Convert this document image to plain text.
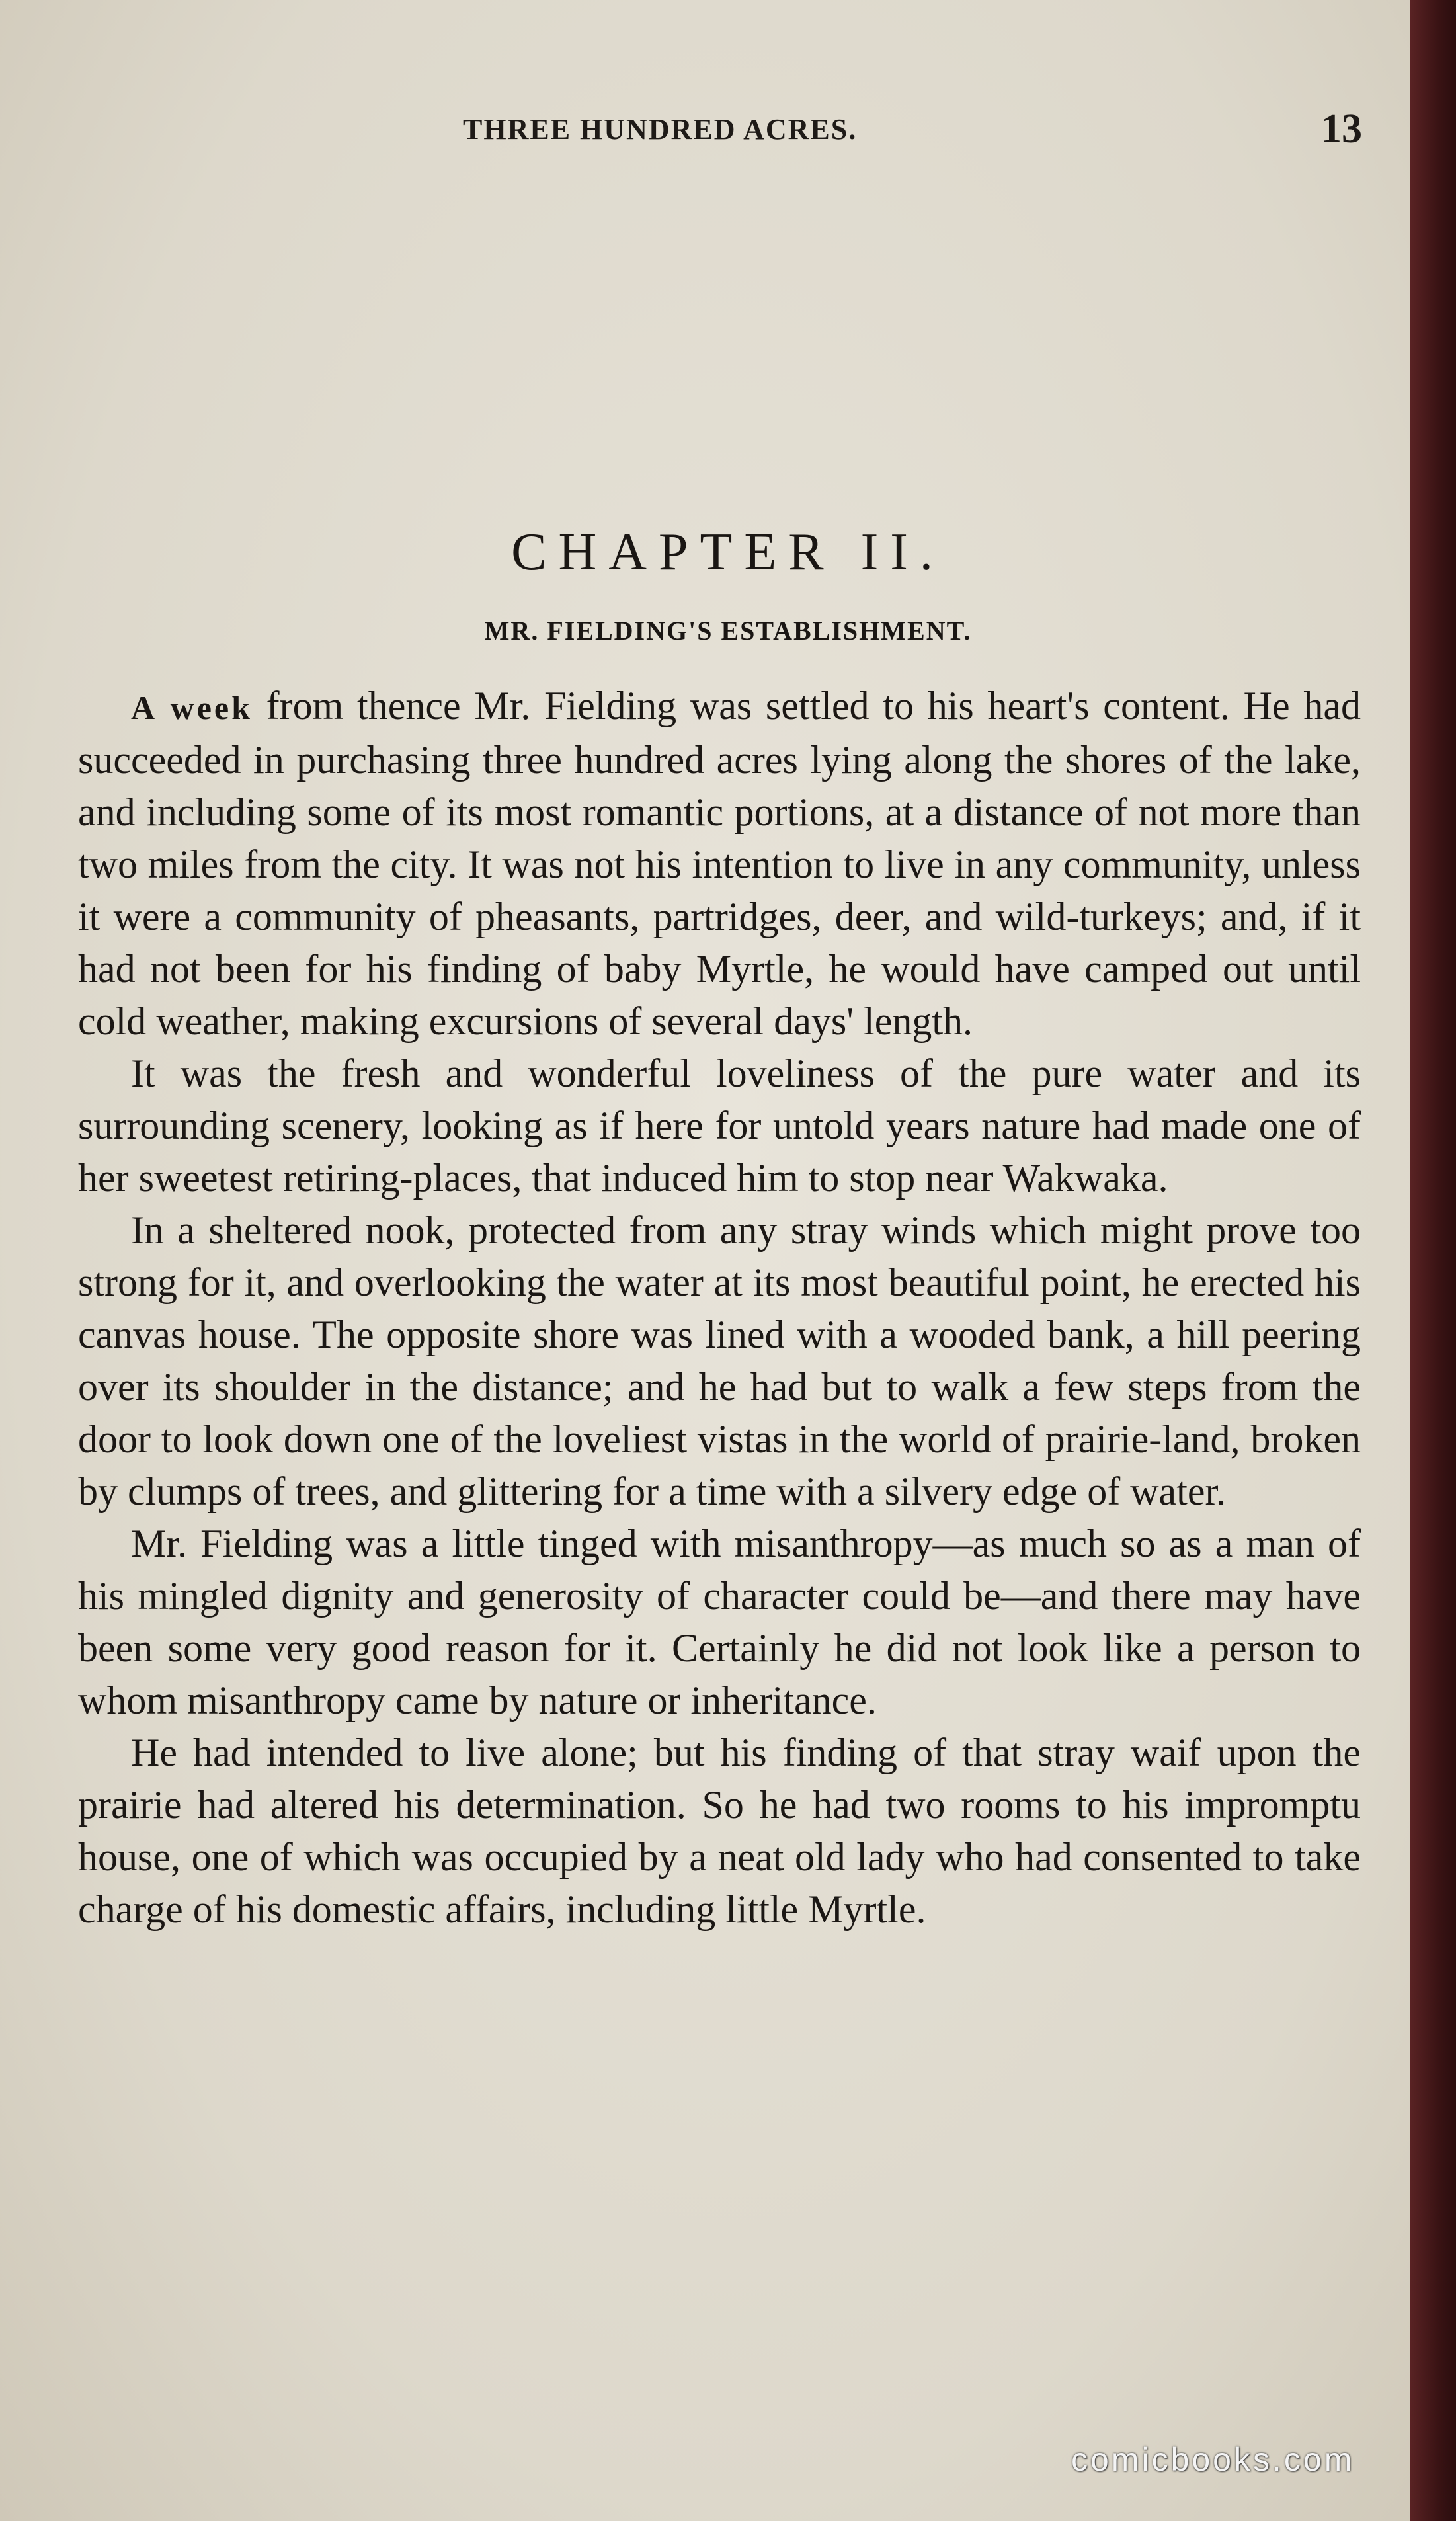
THREE HUNDRED ACRES.	13
CHAPTER II.
MR. FIELDING'S ESTABLISHMENT.

A week from thence Mr. Fielding was settled to his heart's content. He had succeeded in purchasing three hundred acres lying along the shores of the lake, and including some of its most romantic portions, at a distance of not more than two miles from the city. It was not his intention to live in any community, unless it were a community of pheasants, partridges, deer, and wild-turkeys; and, if it had not been for his finding of baby Myrtle, he would have camped out until cold weather, making excursions of several days' length.

It was the fresh and wonderful loveliness of the pure water and its surrounding scenery, looking as if here for untold years nature had made one of her sweetest retiring-places, that induced him to stop near Wakwaka.

In a sheltered nook, protected from any stray winds which might prove too strong for it, and overlooking the water at its most beautiful point, he erected his canvas house. The opposite shore was lined with a wooded bank, a hill peering over its shoulder in the distance; and he had but to walk a few steps from the door to look down one of the loveliest vistas in the world of prairie-land, broken by clumps of trees, and glittering for a time with a silvery edge of water.

Mr. Fielding was a little tinged with misanthropy—as much so as a man of his mingled dignity and generosity of character could be—and there may have been some very good reason for it. Certainly he did not look like a person to whom misanthropy came by nature or inheritance.

He had intended to live alone; but his finding of that stray waif upon the prairie had altered his determination. So he had two rooms to his impromptu house, one of which was occupied by a neat old lady who had consented to take charge of his domestic affairs, including little Myrtle.

comicbooks.com
